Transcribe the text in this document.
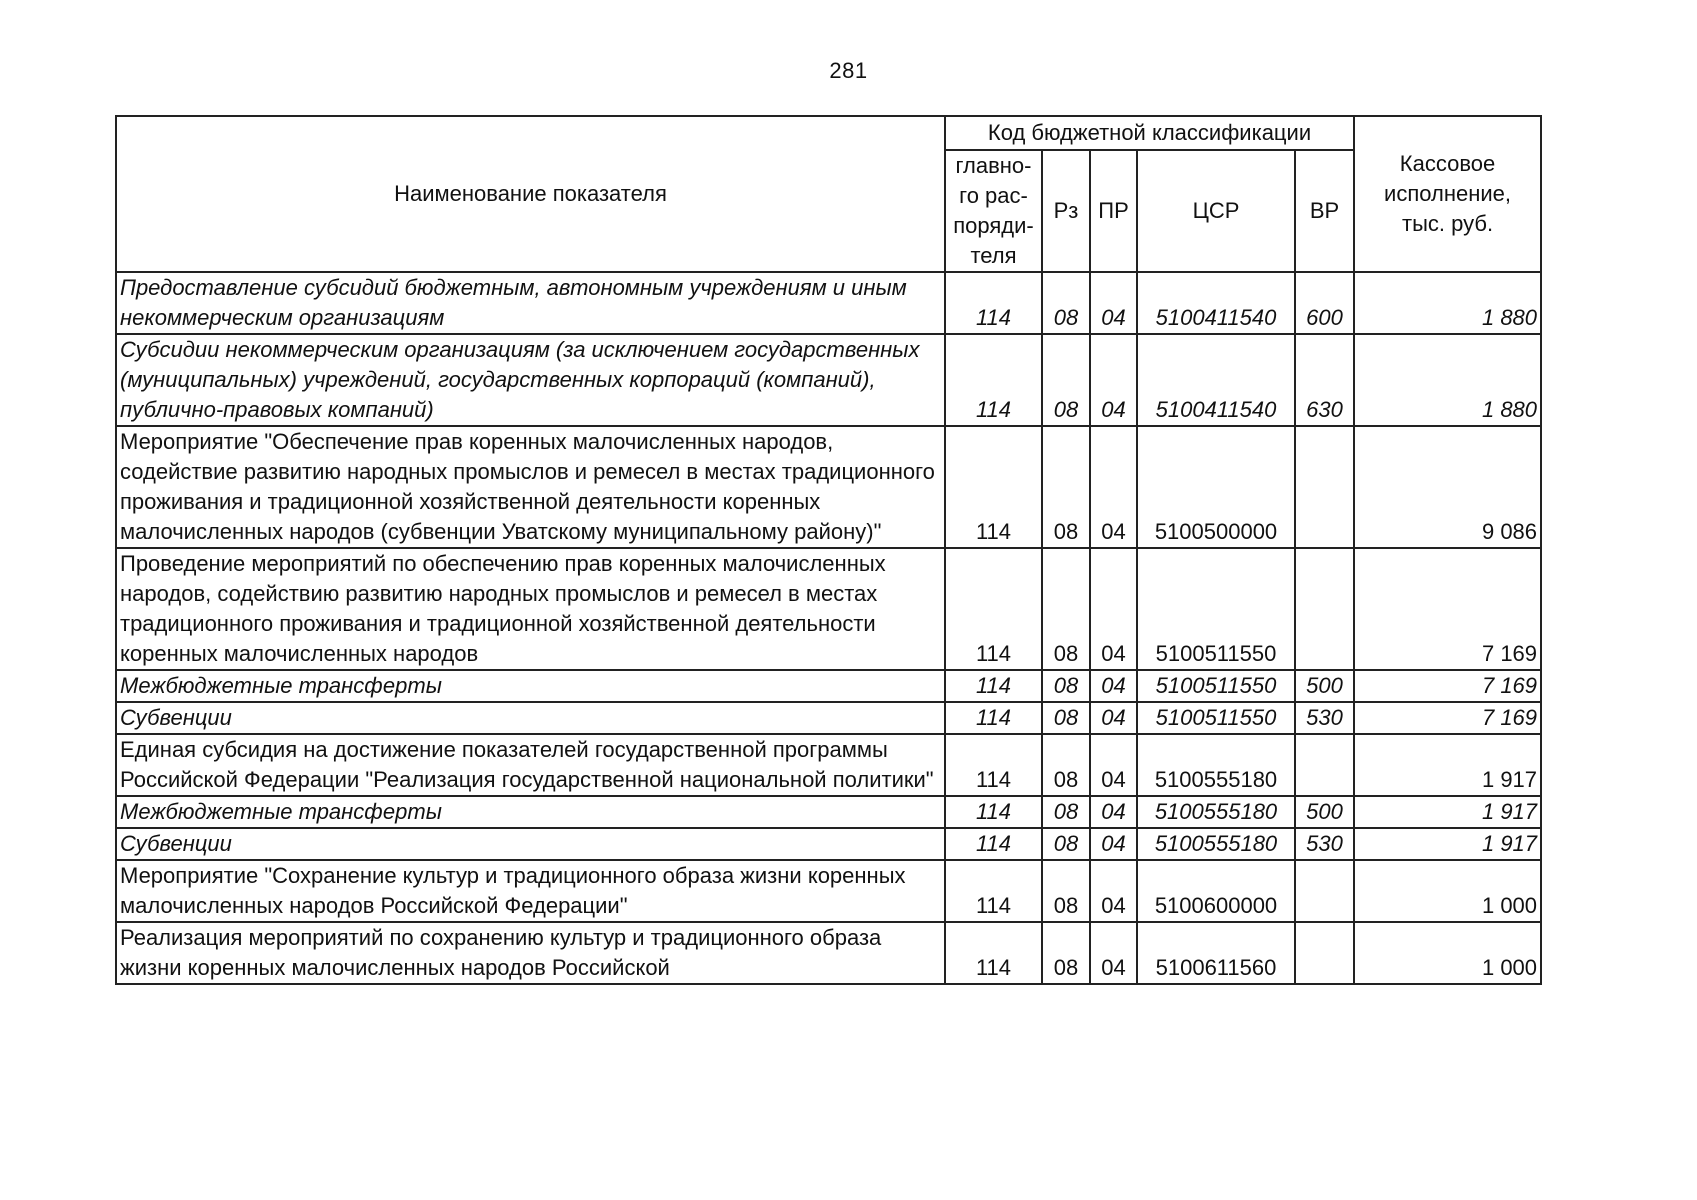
281
Наименование показателя	Код бюджетной классификации					Кассовое исполнение, тыс. руб.
	главно-го рас-поряди-теля	Рз	ПР	ЦСР	ВР	
Предоставление субсидий бюджетным, автономным учреждениям и иным некоммерческим организациям	114	08	04	5100411540	600	1 880
Субсидии некоммерческим организациям (за исключением государственных (муниципальных) учреждений, государственных корпораций (компаний), публично-правовых компаний)	114	08	04	5100411540	630	1 880
Мероприятие "Обеспечение прав коренных малочисленных народов, содействие развитию народных промыслов и ремесел в местах традиционного проживания и традиционной хозяйственной деятельности коренных малочисленных народов (субвенции Уватскому муниципальному району)"	114	08	04	5100500000		9 086
Проведение мероприятий по обеспечению прав коренных малочисленных народов, содействию развитию народных промыслов и ремесел в местах традиционного проживания и традиционной хозяйственной деятельности коренных малочисленных народов	114	08	04	5100511550		7 169
Межбюджетные трансферты	114	08	04	5100511550	500	7 169
Субвенции	114	08	04	5100511550	530	7 169
Единая субсидия на достижение показателей государственной программы Российской Федерации "Реализация государственной национальной политики"	114	08	04	5100555180		1 917
Межбюджетные трансферты	114	08	04	5100555180	500	1 917
Субвенции	114	08	04	5100555180	530	1 917
Мероприятие "Сохранение культур и традиционного образа жизни коренных малочисленных народов Российской Федерации"	114	08	04	5100600000		1 000
Реализация мероприятий по сохранению культур и традиционного образа жизни коренных малочисленных народов Российской	114	08	04	5100611560		1 000
